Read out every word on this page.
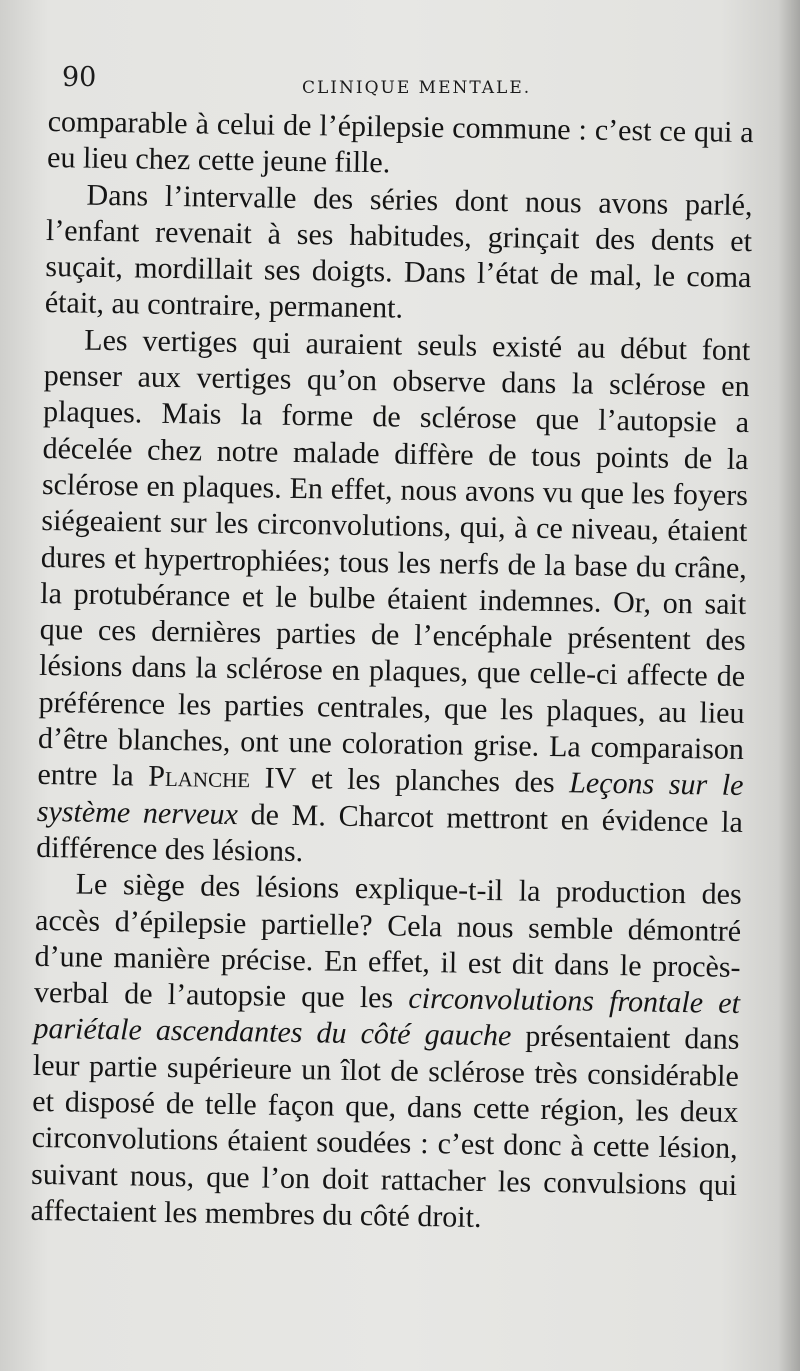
90	CLINIQUE MENTALE.

comparable à celui de l’épilepsie commune : c’est ce qui a eu lieu chez cette jeune fille.

Dans l’intervalle des séries dont nous avons parlé, l’enfant revenait à ses habitudes, grinçait des dents et suçait, mordillait ses doigts. Dans l’état de mal, le coma était, au contraire, permanent.

Les vertiges qui auraient seuls existé au début font penser aux vertiges qu’on observe dans la sclérose en plaques. Mais la forme de sclérose que l’autopsie a décelée chez notre malade diffère de tous points de la sclérose en plaques. En effet, nous avons vu que les foyers siégeaient sur les circonvolutions, qui, à ce niveau, étaient dures et hypertrophiées; tous les nerfs de la base du crâne, la protubérance et le bulbe étaient indemnes. Or, on sait que ces dernières parties de l’encéphale présentent des lésions dans la sclérose en plaques, que celle-ci affecte de préférence les parties centrales, que les plaques, au lieu d’être blanches, ont une coloration grise. La comparaison entre la Planche IV et les planches des Leçons sur le système nerveux de M. Charcot mettront en évidence la différence des lésions.

Le siège des lésions explique-t-il la production des accès d’épilepsie partielle? Cela nous semble démontré d’une manière précise. En effet, il est dit dans le procès-verbal de l’autopsie que les circonvolutions frontale et pariétale ascendantes du côté gauche présentaient dans leur partie supérieure un îlot de sclérose très considérable et disposé de telle façon que, dans cette région, les deux circonvolutions étaient soudées : c’est donc à cette lésion, suivant nous, que l’on doit rattacher les convulsions qui affectaient les membres du côté droit.
